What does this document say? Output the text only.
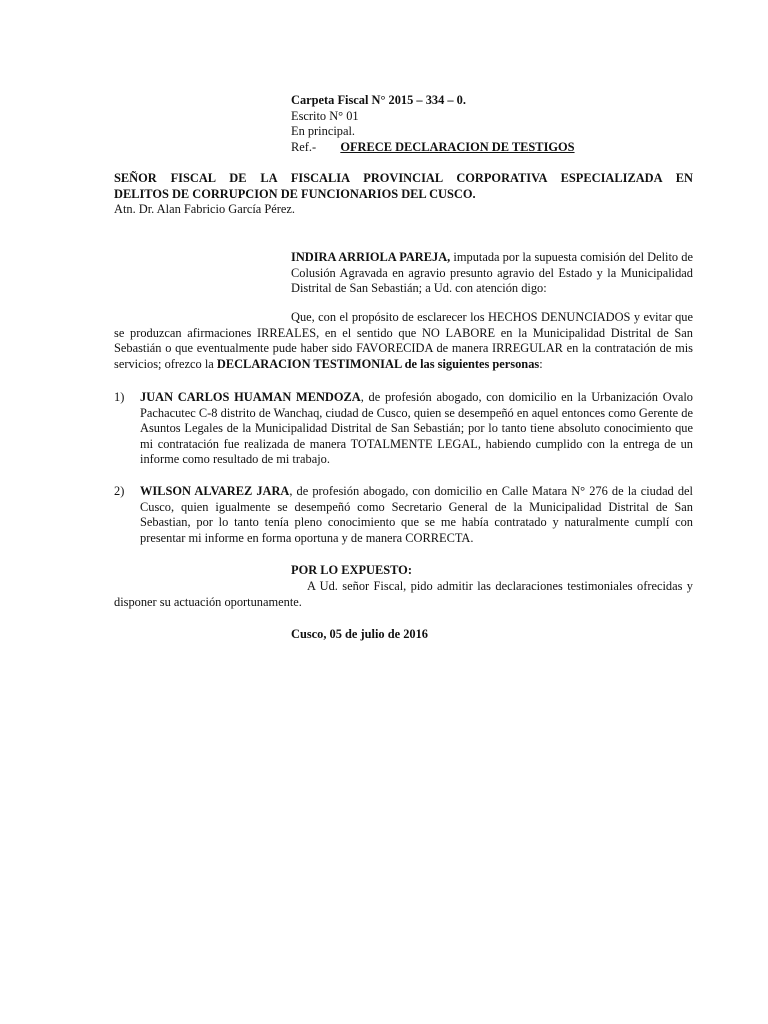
Carpeta Fiscal N° 2015 – 334 – 0.
Escrito N° 01
En principal.
Ref.- OFRECE DECLARACION DE TESTIGOS
SEÑOR FISCAL DE LA FISCALIA PROVINCIAL CORPORATIVA ESPECIALIZADA EN
DELITOS DE CORRUPCION DE FUNCIONARIOS DEL CUSCO.
Atn. Dr. Alan Fabricio García Pérez.
INDIRA ARRIOLA PAREJA, imputada por la supuesta comisión del Delito de Colusión Agravada en agravio presunto agravio del Estado y la Municipalidad Distrital de San Sebastián; a Ud. con atención digo:
Que, con el propósito de esclarecer los HECHOS DENUNCIADOS y evitar que se produzcan afirmaciones IRREALES, en el sentido que NO LABORE en la Municipalidad Distrital de San Sebastián o que eventualmente pude haber sido FAVORECIDA de manera IRREGULAR en la contratación de mis servicios; ofrezco la DECLARACION TESTIMONIAL de las siguientes personas:
1) JUAN CARLOS HUAMAN MENDOZA, de profesión abogado, con domicilio en la Urbanización Ovalo Pachacutec C-8 distrito de Wanchaq, ciudad de Cusco, quien se desempeñó en aquel entonces como Gerente de Asuntos Legales de la Municipalidad Distrital de San Sebastián; por lo tanto tiene absoluto conocimiento que mi contratación fue realizada de manera TOTALMENTE LEGAL, habiendo cumplido con la entrega de un informe como resultado de mi trabajo.
2) WILSON ALVAREZ JARA, de profesión abogado, con domicilio en Calle Matara N° 276 de la ciudad del Cusco, quien igualmente se desempeñó como Secretario General de la Municipalidad Distrital de San Sebastian, por lo tanto tenía pleno conocimiento que se me había contratado y naturalmente cumplí con presentar mi informe en forma oportuna y de manera CORRECTA.
POR LO EXPUESTO:
A Ud. señor Fiscal, pido admitir las declaraciones testimoniales ofrecidas y disponer su actuación oportunamente.
Cusco, 05 de julio de 2016
